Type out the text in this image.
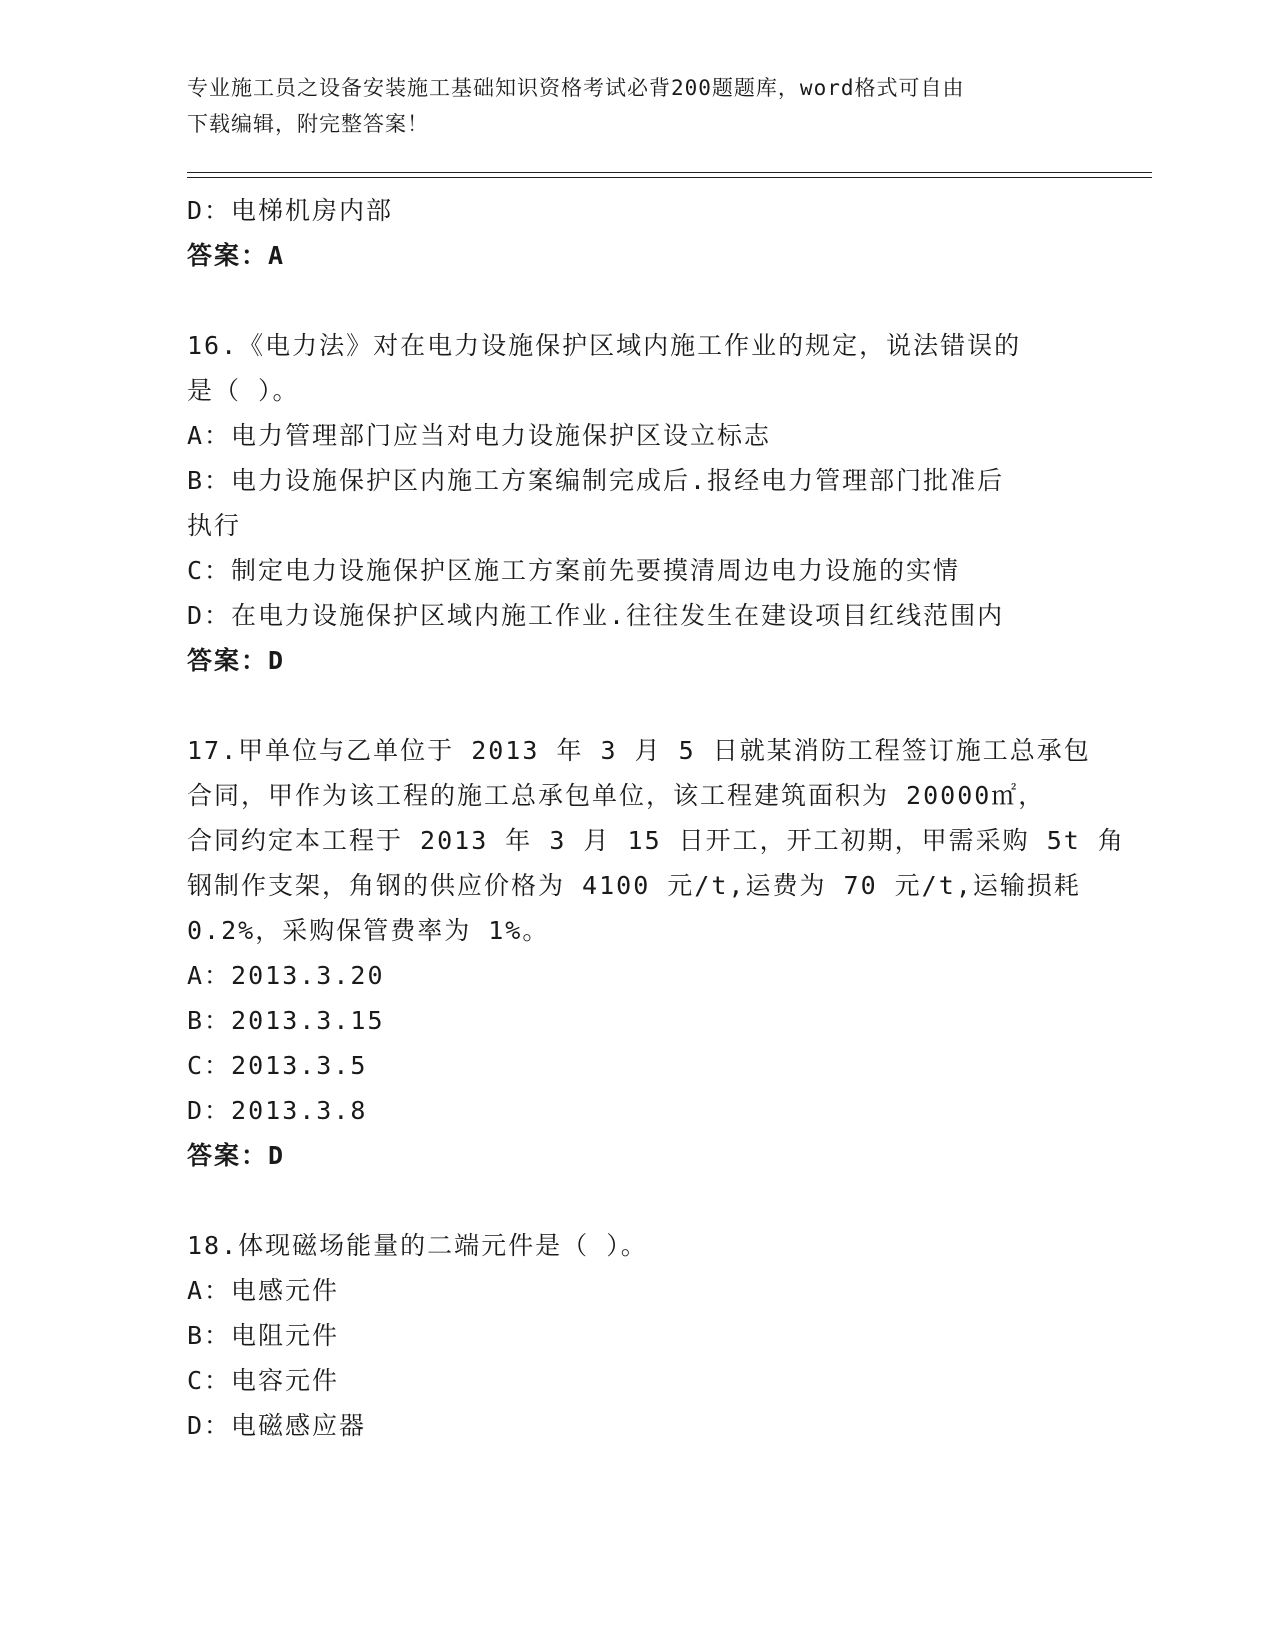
专业施工员之设备安装施工基础知识资格考试必背200题题库，word格式可自由
下载编辑，附完整答案！
D：电梯机房内部
答案：A
16.《电力法》对在电力设施保护区域内施工作业的规定，说法错误的
是（ ）。
A：电力管理部门应当对电力设施保护区设立标志
B：电力设施保护区内施工方案编制完成后.报经电力管理部门批准后
执行
C：制定电力设施保护区施工方案前先要摸清周边电力设施的实情
D：在电力设施保护区域内施工作业.往往发生在建设项目红线范围内
答案：D
17.甲单位与乙单位于 2013 年 3 月 5 日就某消防工程签订施工总承包
合同，甲作为该工程的施工总承包单位，该工程建筑面积为 20000㎡，
合同约定本工程于 2013 年 3 月 15 日开工，开工初期，甲需采购 5t 角
钢制作支架，角钢的供应价格为 4100 元/t,运费为 70 元/t,运输损耗
0.2%，采购保管费率为 1%。
A：2013.3.20
B：2013.3.15
C：2013.3.5
D：2013.3.8
答案：D
18.体现磁场能量的二端元件是（ ）。
A：电感元件
B：电阻元件
C：电容元件
D：电磁感应器
